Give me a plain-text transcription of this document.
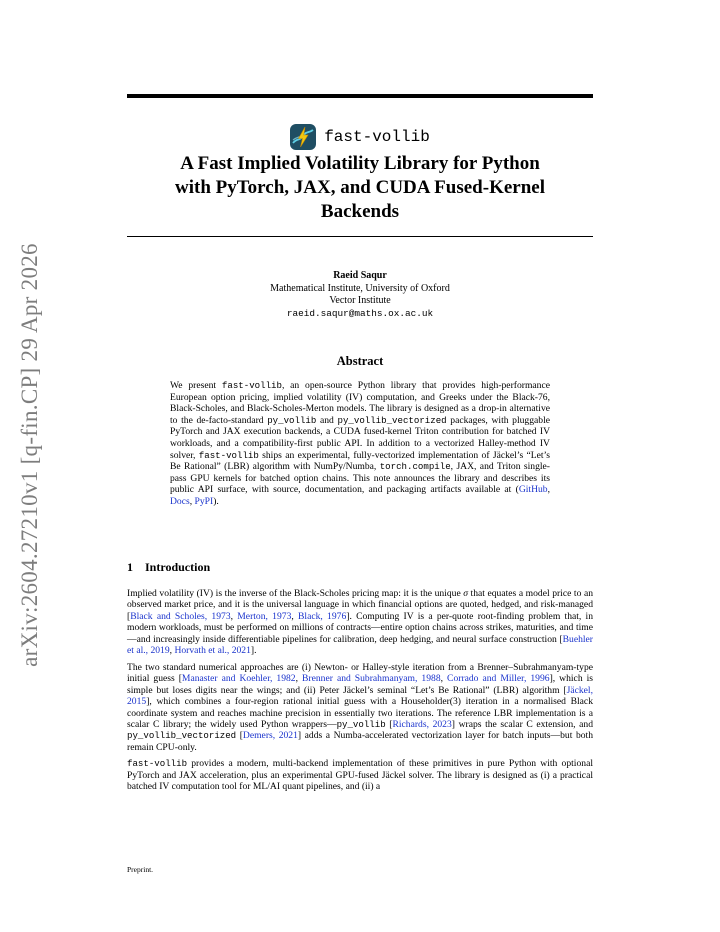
arXiv:2604.27210v1 [q-fin.CP] 29 Apr 2026
fast-vollib
A Fast Implied Volatility Library for Python
with PyTorch, JAX, and CUDA Fused-Kernel
Backends
Raeid Saqur
Mathematical Institute, University of Oxford
Vector Institute
raeid.saqur@maths.ox.ac.uk
Abstract
We present fast-vollib, an open-source Python library that provides high-performance European option pricing, implied volatility (IV) computation, and Greeks under the Black-76, Black-Scholes, and Black-Scholes-Merton models. The library is designed as a drop-in alternative to the de-facto-standard py_vollib and py_vollib_vectorized packages, with pluggable PyTorch and JAX execution backends, a CUDA fused-kernel Triton contribution for batched IV workloads, and a compatibility-first public API. In addition to a vectorized Halley-method IV solver, fast-vollib ships an experimental, fully-vectorized implementation of Jäckel’s “Let’s Be Rational” (LBR) algorithm with NumPy/Numba, torch.compile, JAX, and Triton single-pass GPU kernels for batched option chains. This note announces the library and describes its public API surface, with source, documentation, and packaging artifacts available at (GitHub, Docs, PyPI).
1 Introduction

Implied volatility (IV) is the inverse of the Black-Scholes pricing map: it is the unique σ that equates a model price to an observed market price, and it is the universal language in which financial options are quoted, hedged, and risk-managed [Black and Scholes, 1973, Merton, 1973, Black, 1976]. Computing IV is a per-quote root-finding problem that, in modern workloads, must be performed on millions of contracts—entire option chains across strikes, maturities, and time—and increasingly inside differentiable pipelines for calibration, deep hedging, and neural surface construction [Buehler et al., 2019, Horvath et al., 2021].

The two standard numerical approaches are (i) Newton- or Halley-style iteration from a Brenner–Subrahmanyam-type initial guess [Manaster and Koehler, 1982, Brenner and Subrahmanyam, 1988, Corrado and Miller, 1996], which is simple but loses digits near the wings; and (ii) Peter Jäckel’s seminal “Let’s Be Rational” (LBR) algorithm [Jäckel, 2015], which combines a four-region rational initial guess with a Householder(3) iteration in a normalised Black coordinate system and reaches machine precision in essentially two iterations. The reference LBR implementation is a scalar C library; the widely used Python wrappers—py_vollib [Richards, 2023] wraps the scalar C extension, and py_vollib_vectorized [Demers, 2021] adds a Numba-accelerated vectorization layer for batch inputs—but both remain CPU-only.

fast-vollib provides a modern, multi-backend implementation of these primitives in pure Python with optional PyTorch and JAX acceleration, plus an experimental GPU-fused Jäckel solver. The library is designed as (i) a practical batched IV computation tool for ML/AI quant pipelines, and (ii) a

Preprint.
